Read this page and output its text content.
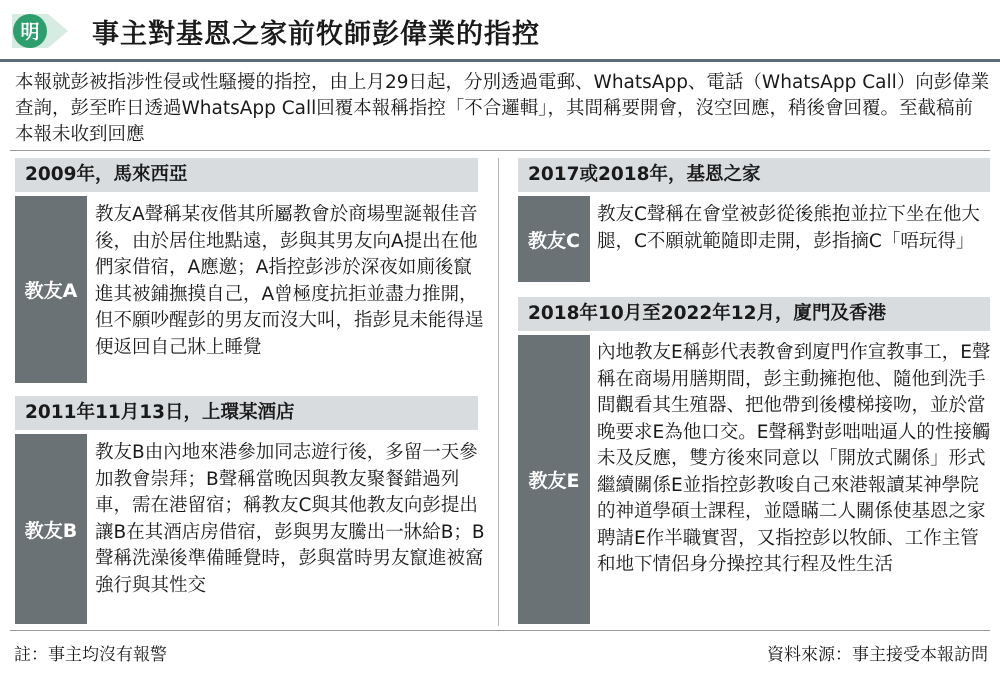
明 事主對基恩之家前牧師彭偉業的指控
本報就彭被指涉性侵或性騷擾的指控，由上月29日起，分別透過電郵、WhatsApp、電話（WhatsApp Call）向彭偉業查詢，彭至昨日透過WhatsApp Call回覆本報稱指控「不合邏輯」，其間稱要開會，沒空回應，稍後會回覆。至截稿前本報未收到回應
2009年，馬來西亞
教友A
教友A聲稱某夜偕其所屬教會於商場聖誕報佳音後，由於居住地點遠，彭與其男友向A提出在他們家借宿，A應邀；A指控彭涉於深夜如廁後竄進其被鋪撫摸自己，A曾極度抗拒並盡力推開，但不願吵醒彭的男友而沒大叫，指彭見未能得逞便返回自己牀上睡覺
2011年11月13日，上環某酒店
教友B
教友B由內地來港參加同志遊行後，多留一天參加教會崇拜；B聲稱當晚因與教友聚餐錯過列車，需在港留宿；稱教友C與其他教友向彭提出讓B在其酒店房借宿，彭與男友騰出一牀給B；B聲稱洗澡後準備睡覺時，彭與當時男友竄進被窩強行與其性交
2017或2018年，基恩之家
教友C
教友C聲稱在會堂被彭從後熊抱並拉下坐在他大腿，C不願就範隨即走開，彭指摘C「唔玩得」
2018年10月至2022年12月，廈門及香港
教友E
內地教友E稱彭代表教會到廈門作宣教事工，E聲稱在商場用膳期間，彭主動擁抱他、隨他到洗手間觀看其生殖器、把他帶到後樓梯接吻，並於當晚要求E為他口交。E聲稱對彭咄咄逼人的性接觸未及反應，雙方後來同意以「開放式關係」形式繼續關係E並指控彭教唆自己來港報讀某神學院的神道學碩士課程，並隱瞞二人關係使基恩之家聘請E作半職實習，又指控彭以牧師、工作主管和地下情侶身分操控其行程及性生活
註：事主均沒有報警	資料來源：事主接受本報訪問
